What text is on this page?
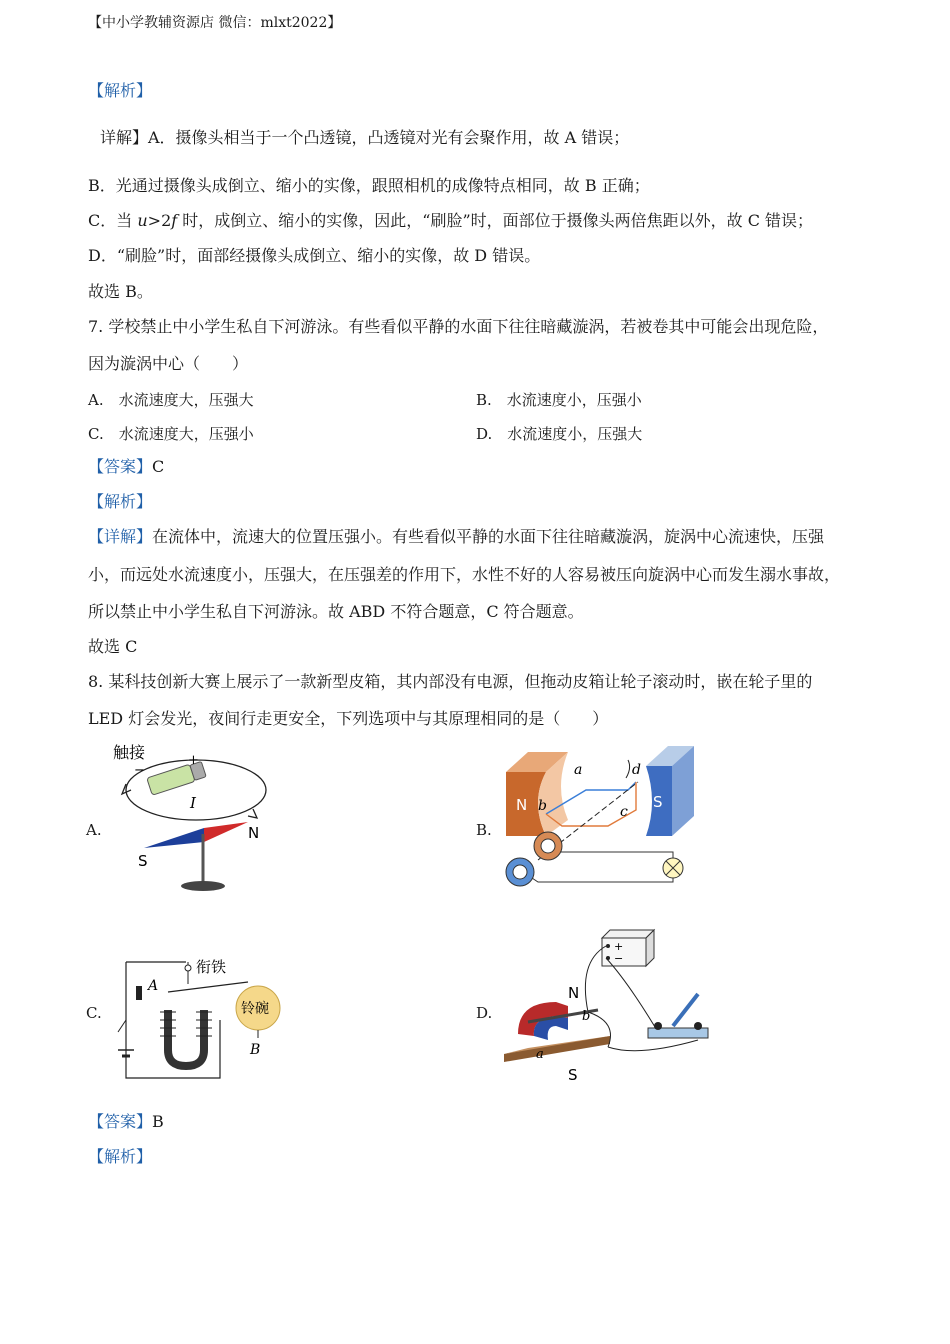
【中小学教辅资源店 微信：mlxt2022】
【解析】
详解】A．摄像头相当于一个凸透镜，凸透镜对光有会聚作用，故 A 错误；
B．光通过摄像头成倒立、缩小的实像，跟照相机的成像特点相同，故 B 正确；
C．当 u>2f 时，成倒立、缩小的实像，因此，“刷脸”时，面部位于摄像头两倍焦距以外，故 C 错误；
D．“刷脸”时，面部经摄像头成倒立、缩小的实像，故 D 错误。
故选 B。
7. 学校禁止中小学生私自下河游泳。有些看似平静的水面下往往暗藏漩涡，若被卷其中可能会出现危险，
因为漩涡中心（　　）
A.　水流速度大，压强大	B.　水流速度小，压强小
C.　水流速度大，压强小	D.　水流速度小，压强大
【答案】C
【解析】
【详解】在流体中，流速大的位置压强小。有些看似平静的水面下往往暗藏漩涡，旋涡中心流速快，压强
小，而远处水流速度小，压强大，在压强差的作用下，水性不好的人容易被压向旋涡中心而发生溺水事故，
所以禁止中小学生私自下河游泳。故 ABD 不符合题意，C 符合题意。
故选 C
8. 某科技创新大赛上展示了一款新型皮箱，其内部没有电源，但拖动皮箱让轮子滚动时，嵌在轮子里的
LED 灯会发光，夜间行走更安全，下列选项中与其原理相同的是（　　）
A.	B.
C.	D.
触接
−
+
I
N
S
N	S
a
b	c
d
衔铁
A
铃碗
B
+
−
N
b
a
S
【答案】B
【解析】
